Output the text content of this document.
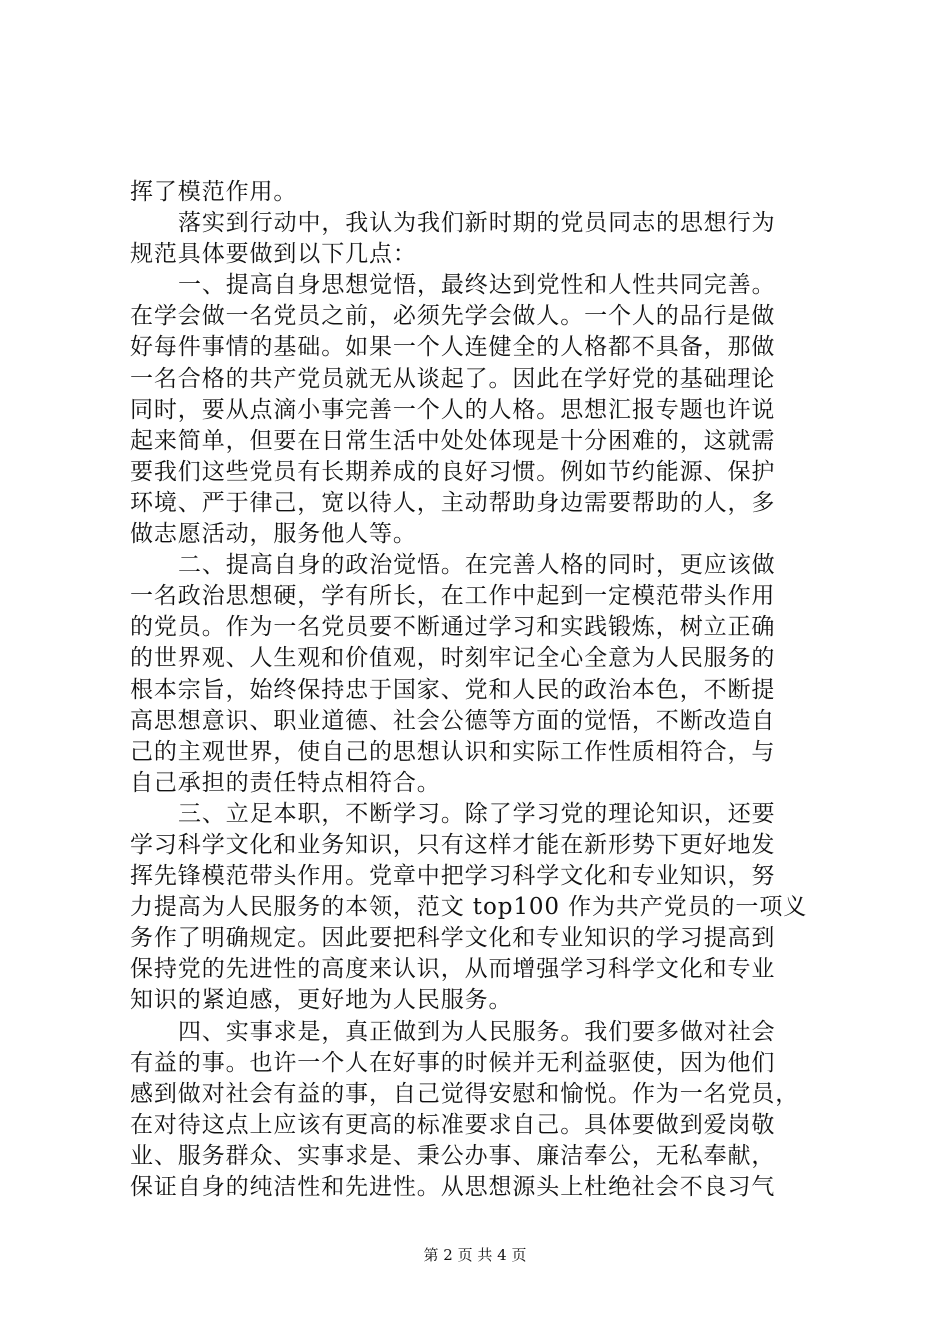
挥了模范作用。
落实到行动中，我认为我们新时期的党员同志的思想行为
规范具体要做到以下几点：
一、提高自身思想觉悟，最终达到党性和人性共同完善。
在学会做一名党员之前，必须先学会做人。一个人的品行是做
好每件事情的基础。如果一个人连健全的人格都不具备，那做
一名合格的共产党员就无从谈起了。因此在学好党的基础理论
同时，要从点滴小事完善一个人的人格。思想汇报专题也许说
起来简单，但要在日常生活中处处体现是十分困难的，这就需
要我们这些党员有长期养成的良好习惯。例如节约能源、保护
环境、严于律己，宽以待人，主动帮助身边需要帮助的人，多
做志愿活动，服务他人等。
二、提高自身的政治觉悟。在完善人格的同时，更应该做
一名政治思想硬，学有所长，在工作中起到一定模范带头作用
的党员。作为一名党员要不断通过学习和实践锻炼，树立正确
的世界观、人生观和价值观，时刻牢记全心全意为人民服务的
根本宗旨，始终保持忠于国家、党和人民的政治本色，不断提
高思想意识、职业道德、社会公德等方面的觉悟，不断改造自
己的主观世界，使自己的思想认识和实际工作性质相符合，与
自己承担的责任特点相符合。
三、立足本职，不断学习。除了学习党的理论知识，还要
学习科学文化和业务知识，只有这样才能在新形势下更好地发
挥先锋模范带头作用。党章中把学习科学文化和专业知识，努
力提高为人民服务的本领，范文 top100 作为共产党员的一项义
务作了明确规定。因此要把科学文化和专业知识的学习提高到
保持党的先进性的高度来认识，从而增强学习科学文化和专业
知识的紧迫感，更好地为人民服务。
四、实事求是，真正做到为人民服务。我们要多做对社会
有益的事。也许一个人在好事的时候并无利益驱使，因为他们
感到做对社会有益的事，自己觉得安慰和愉悦。作为一名党员，
在对待这点上应该有更高的标准要求自己。具体要做到爱岗敬
业、服务群众、实事求是、秉公办事、廉洁奉公，无私奉献，
保证自身的纯洁性和先进性。从思想源头上杜绝社会不良习气
第 2 页 共 4 页
